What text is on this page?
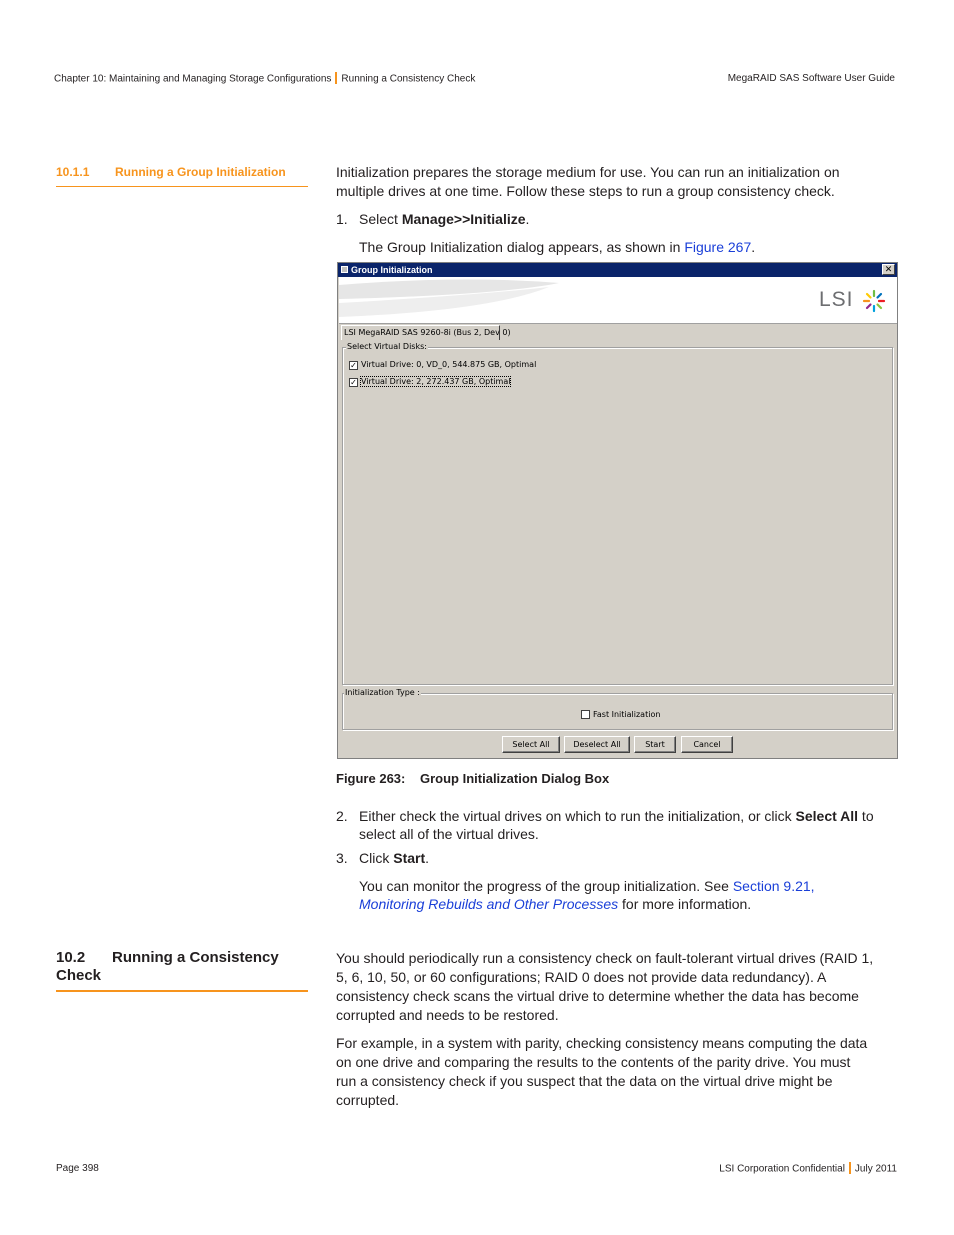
Chapter 10: Maintaining and Managing Storage Configurations Running a Consistency Check	MegaRAID SAS Software User Guide
10.1.1 Running a Group Initialization	Initialization prepares the storage medium for use. You can run an initialization on multiple drives at one time. Follow these steps to run a group consistency check.
1. Select Manage>>Initialize.
The Group Initialization dialog appears, as shown in Figure 267.
Group Initialization	✕
LSI
LSI MegaRAID SAS 9260-8i (Bus 2, Dev 0)
Select Virtual Disks:
✓ Virtual Drive: 0, VD_0, 544.875 GB, Optimal
✓ Virtual Drive: 2, 272.437 GB, Optimal
Initialization Type :
Fast Initialization
Select All	Deselect All	Start	Cancel
Figure 263: Group Initialization Dialog Box
2. Either check the virtual drives on which to run the initialization, or click Select All to
select all of the virtual drives.
3. Click Start.
You can monitor the progress of the group initialization. See Section 9.21,
Monitoring Rebuilds and Other Processes for more information.
10.2 Running a Consistency
Check
You should periodically run a consistency check on fault-tolerant virtual drives (RAID 1,
5, 6, 10, 50, or 60 configurations; RAID 0 does not provide data redundancy). A
consistency check scans the virtual drive to determine whether the data has become
corrupted and needs to be restored.
For example, in a system with parity, checking consistency means computing the data
on one drive and comparing the results to the contents of the parity drive. You must
run a consistency check if you suspect that the data on the virtual drive might be
corrupted.
Page 398	LSI Corporation Confidential July 2011
